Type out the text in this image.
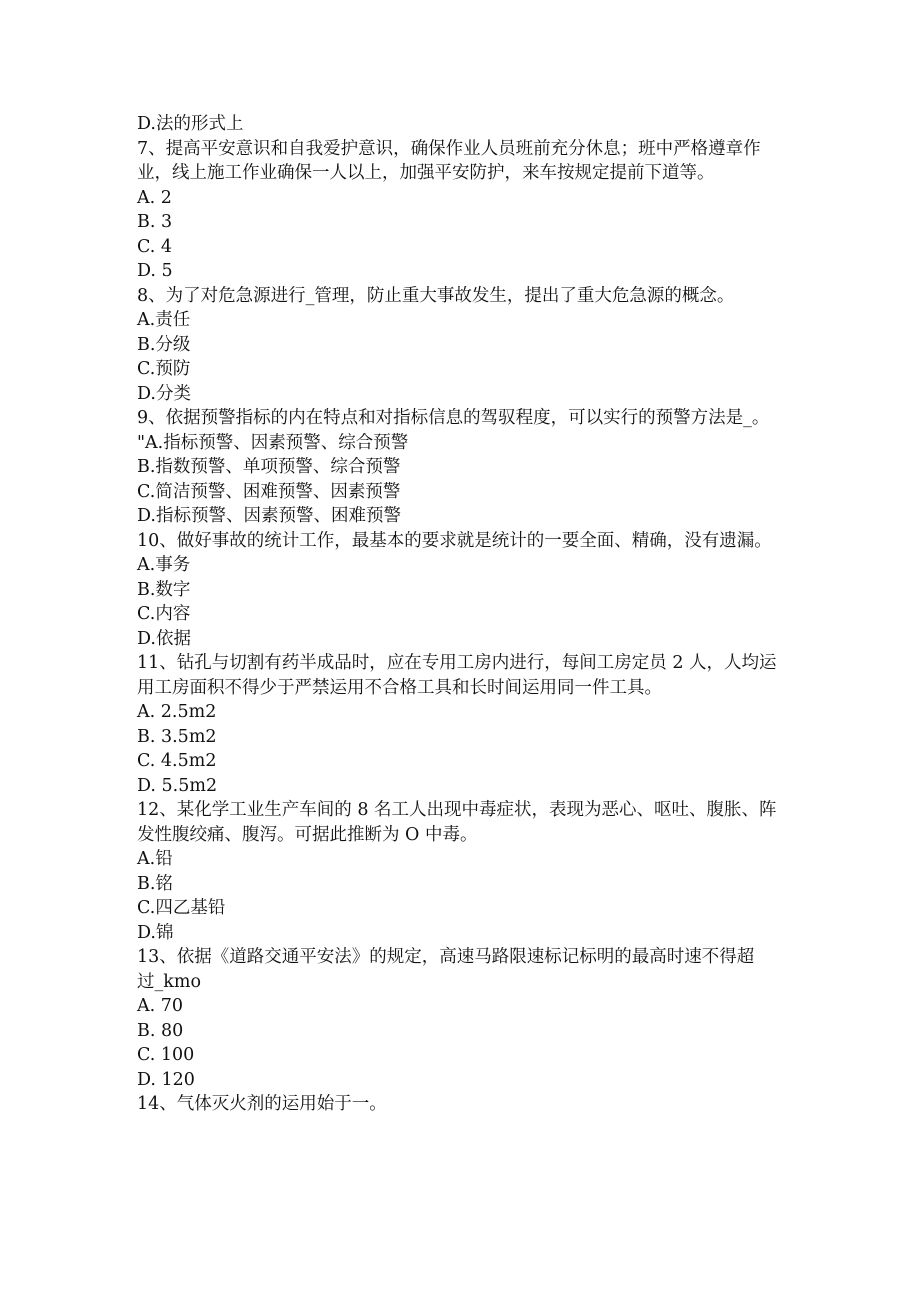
D.法的形式上
7、提高平安意识和自我爱护意识，确保作业人员班前充分休息；班中严格遵章作业，线上施工作业确保一人以上，加强平安防护，来车按规定提前下道等。
A. 2
B. 3
C. 4
D. 5
8、为了对危急源进行_管理，防止重大事故发生，提出了重大危急源的概念。
A.责任
B.分级
C.预防
D.分类
9、依据预警指标的内在特点和对指标信息的驾驭程度，可以实行的预警方法是_。
"A.指标预警、因素预警、综合预警
B.指数预警、单项预警、综合预警
C.简洁预警、困难预警、因素预警
D.指标预警、因素预警、困难预警
10、做好事故的统计工作，最基本的要求就是统计的一要全面、精确，没有遗漏。
A.事务
B.数字
C.内容
D.依据
11、钻孔与切割有药半成品时，应在专用工房内进行，每间工房定员 2 人，人均运用工房面积不得少于严禁运用不合格工具和长时间运用同一件工具。
A. 2.5m2
B. 3.5m2
C. 4.5m2
D. 5.5m2
12、某化学工业生产车间的 8 名工人出现中毒症状，表现为恶心、呕吐、腹胀、阵发性腹绞痛、腹泻。可据此推断为 O 中毒。
A.铅
B.铭
C.四乙基铅
D.锦
13、依据《道路交通平安法》的规定，高速马路限速标记标明的最高时速不得超
过_kmo
A. 70
B. 80
C. 100
D. 120
14、气体灭火剂的运用始于一。
